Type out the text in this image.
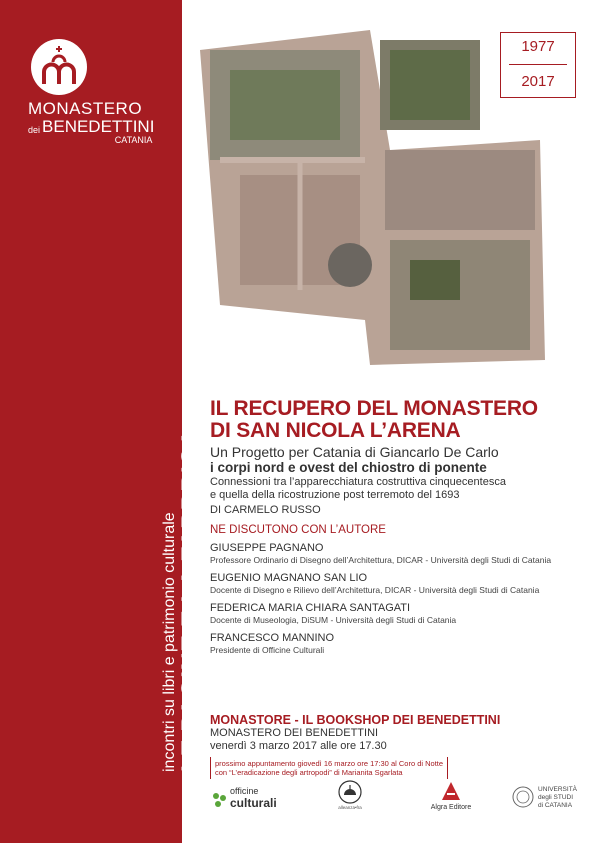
MONASTERO
dei BENEDETTINI
CATANIA
incontri su libri e patrimonio culturale LE PAGINE E LA FABBRICA
1977
2017
IL RECUPERO DEL MONASTERO
DI SAN NICOLA L’ARENA
Un Progetto per Catania di Giancarlo De Carlo
i corpi nord e ovest del chiostro di ponente
Connessioni tra l’apparecchiatura costruttiva cinquecentesca
e quella della ricostruzione post terremoto del 1693
DI CARMELO RUSSO
NE DISCUTONO CON L’AUTORE
GIUSEPPE PAGNANO
Professore Ordinario di Disegno dell’Architettura, DICAR - Università degli Studi di Catania
EUGENIO MAGNANO SAN LIO
Docente di Disegno e Rilievo dell’Architettura, DICAR - Università degli Studi di Catania
FEDERICA MARIA CHIARA SANTAGATI
Docente di Museologia, DiSUM - Università degli Studi di Catania
FRANCESCO MANNINO
Presidente di Officine Culturali
MONASTORE - IL BOOKSHOP DEI BENEDETTINI
MONASTERO DEI BENEDETTINI
venerdì 3 marzo 2017 alle ore 17.30
prossimo appuntamento giovedì 16 marzo ore 17:30 al Coro di Notte
con “L’eradicazione degli artropodi” di Marianita Sgarlata
officine
culturali	alleanza•fra	Algra Editore
UNIVERSITÀ
degli STUDI
di CATANIA
